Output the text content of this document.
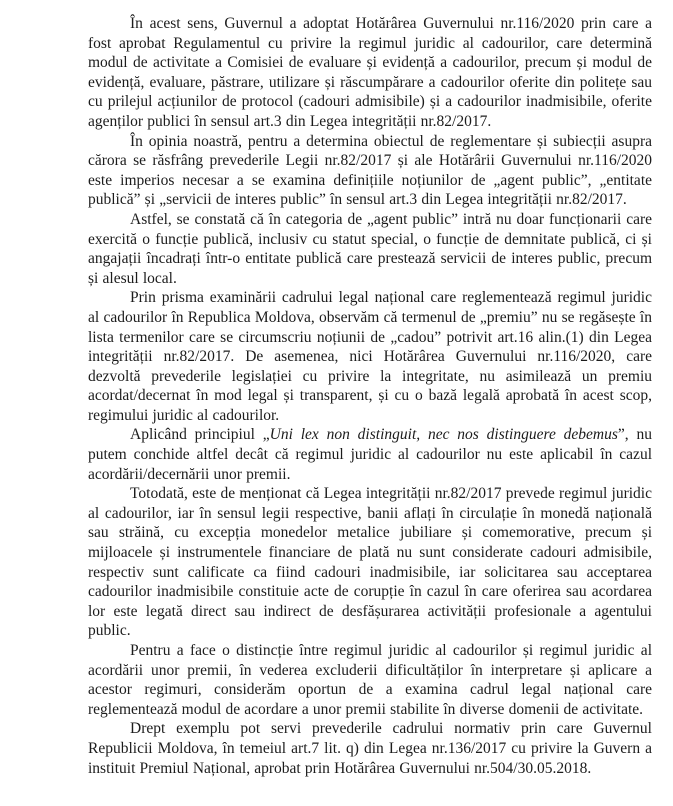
În acest sens, Guvernul a adoptat Hotărârea Guvernului nr.116/2020 prin care a fost aprobat Regulamentul cu privire la regimul juridic al cadourilor, care determină modul de activitate a Comisiei de evaluare și evidență a cadourilor, precum și modul de evidență, evaluare, păstrare, utilizare și răscumpărare a cadourilor oferite din politețe sau cu prilejul acțiunilor de protocol (cadouri admisibile) și a cadourilor inadmisibile, oferite agenților publici în sensul art.3 din Legea integrității nr.82/2017.

În opinia noastră, pentru a determina obiectul de reglementare și subiecții asupra cărora se răsfrâng prevederile Legii nr.82/2017 și ale Hotărârii Guvernului nr.116/2020 este imperios necesar a se examina definițiile noțiunilor de „agent public”, „entitate publică” și „servicii de interes public” în sensul art.3 din Legea integrității nr.82/2017.

Astfel, se constată că în categoria de „agent public” intră nu doar funcționarii care exercită o funcție publică, inclusiv cu statut special, o funcție de demnitate publică, ci și angajații încadrați într-o entitate publică care prestează servicii de interes public, precum și alesul local.

Prin prisma examinării cadrului legal național care reglementează regimul juridic al cadourilor în Republica Moldova, observăm că termenul de „premiu” nu se regăsește în lista termenilor care se circumscriu noțiunii de „cadou” potrivit art.16 alin.(1) din Legea integrității nr.82/2017. De asemenea, nici Hotărârea Guvernului nr.116/2020, care dezvoltă prevederile legislației cu privire la integritate, nu asimilează un premiu acordat/decernat în mod legal și transparent, și cu o bază legală aprobată în acest scop, regimului juridic al cadourilor.

Aplicând principiul „Uni lex non distinguit, nec nos distinguere debemus”, nu putem conchide altfel decât că regimul juridic al cadourilor nu este aplicabil în cazul acordării/decernării unor premii.

Totodată, este de menționat că Legea integrității nr.82/2017 prevede regimul juridic al cadourilor, iar în sensul legii respective, banii aflați în circulație în monedă națională sau străină, cu excepția monedelor metalice jubiliare și comemorative, precum și mijloacele și instrumentele financiare de plată nu sunt considerate cadouri admisibile, respectiv sunt calificate ca fiind cadouri inadmisibile, iar solicitarea sau acceptarea cadourilor inadmisibile constituie acte de corupție în cazul în care oferirea sau acordarea lor este legată direct sau indirect de desfășurarea activității profesionale a agentului public.

Pentru a face o distincție între regimul juridic al cadourilor și regimul juridic al acordării unor premii, în vederea excluderii dificultăților în interpretare și aplicare a acestor regimuri, considerăm oportun de a examina cadrul legal național care reglementează modul de acordare a unor premii stabilite în diverse domenii de activitate.

Drept exemplu pot servi prevederile cadrului normativ prin care Guvernul Republicii Moldova, în temeiul art.7 lit. q) din Legea nr.136/2017 cu privire la Guvern a instituit Premiul Național, aprobat prin Hotărârea Guvernului nr.504/30.05.2018.
